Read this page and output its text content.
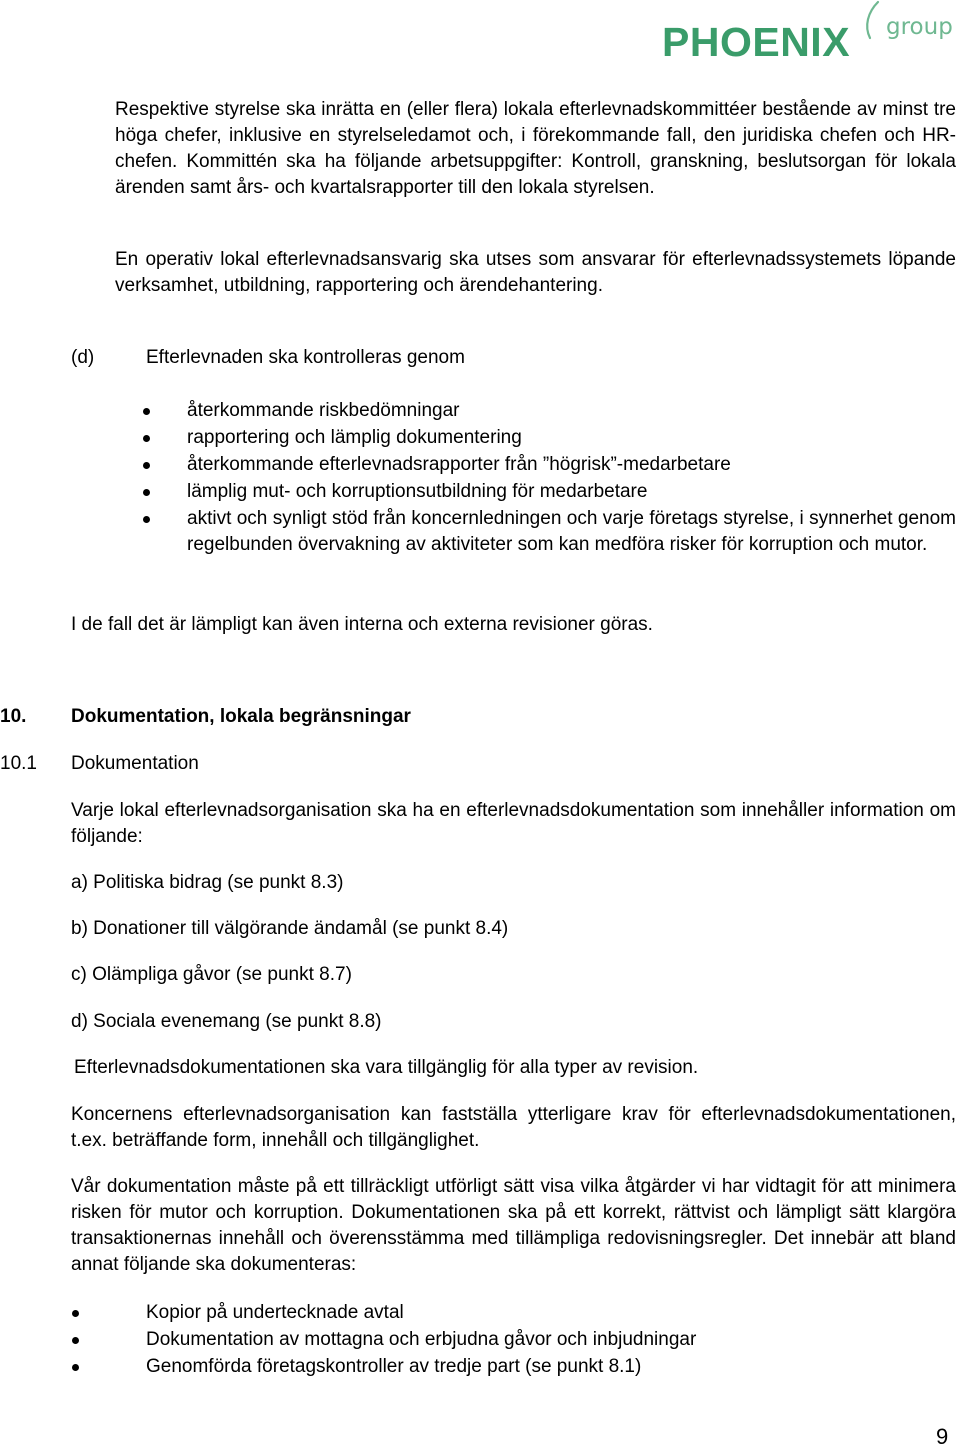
PHOENIX group
Respektive styrelse ska inrätta en (eller flera) lokala efterlevnadskommittéer bestående av minst tre höga chefer, inklusive en styrelseledamot och, i förekommande fall, den juridiska chefen och HR-chefen. Kommittén ska ha följande arbetsuppgifter: Kontroll, granskning, beslutsorgan för lokala ärenden samt års- och kvartalsrapporter till den lokala styrelsen.
En operativ lokal efterlevnadsansvarig ska utses som ansvarar för efterlevnadssystemets löpande verksamhet, utbildning, rapportering och ärendehantering.
(d)	Efterlevnaden ska kontrolleras genom
återkommande riskbedömningar
rapportering och lämplig dokumentering
återkommande efterlevnadsrapporter från ”högrisk”-medarbetare
lämplig mut- och korruptionsutbildning för medarbetare
aktivt och synligt stöd från koncernledningen och varje företags styrelse, i synnerhet genom regelbunden övervakning av aktiviteter som kan medföra risker för korruption och mutor.
I de fall det är lämpligt kan även interna och externa revisioner göras.
10. Dokumentation, lokala begränsningar
10.1 Dokumentation
Varje lokal efterlevnadsorganisation ska ha en efterlevnadsdokumentation som innehåller information om följande:
a) Politiska bidrag (se punkt 8.3)
b) Donationer till välgörande ändamål (se punkt 8.4)
c) Olämpliga gåvor (se punkt 8.7)
d) Sociala evenemang (se punkt 8.8)
Efterlevnadsdokumentationen ska vara tillgänglig för alla typer av revision.
Koncernens efterlevnadsorganisation kan fastställa ytterligare krav för efterlevnadsdokumentationen, t.ex. beträffande form, innehåll och tillgänglighet.
Vår dokumentation måste på ett tillräckligt utförligt sätt visa vilka åtgärder vi har vidtagit för att minimera risken för mutor och korruption. Dokumentationen ska på ett korrekt, rättvist och lämpligt sätt klargöra transaktionernas innehåll och överensstämma med tillämpliga redovisningsregler. Det innebär att bland annat följande ska dokumenteras:
Kopior på undertecknade avtal
Dokumentation av mottagna och erbjudna gåvor och inbjudningar
Genomförda företagskontroller av tredje part (se punkt 8.1)
9
